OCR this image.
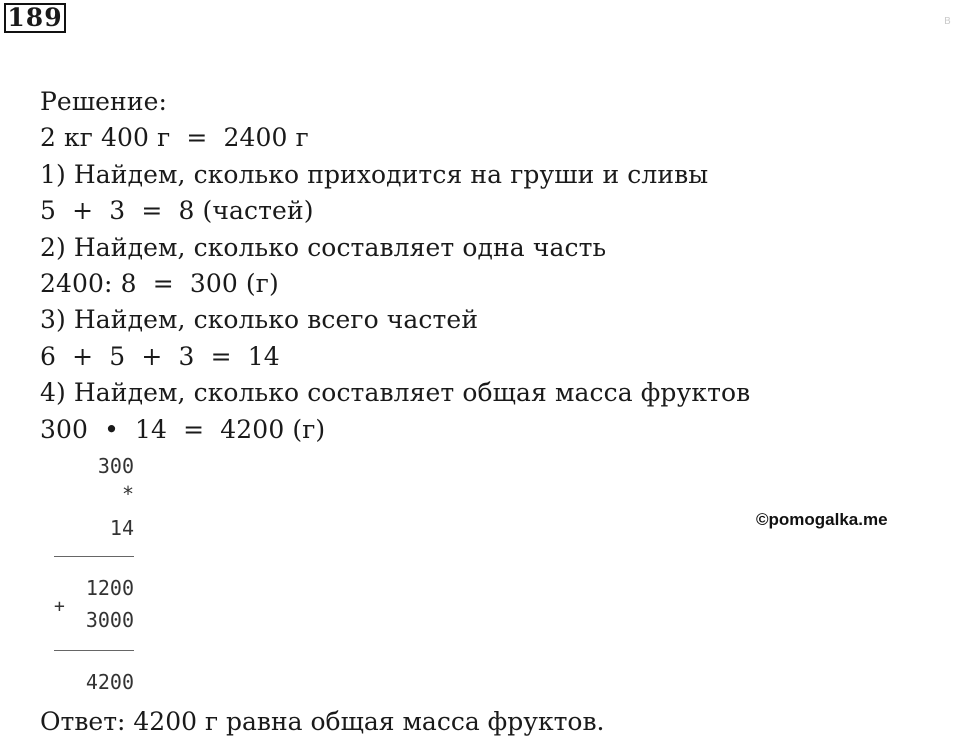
189	В
Решение:
2 кг 400 г  =  2400 г
1) Найдем, сколько приходится на груши и сливы
5  +  3  =  8 (частей)
2) Найдем, сколько составляет одна часть
2400: 8  =  300 (г)
3) Найдем, сколько всего частей
6  +  5  +  3  =  14
4) Найдем, сколько составляет общая масса фруктов
300  •  14  =  4200 (г)
300
*
14
+
1200
3000
4200
©pomogalka.me
Ответ: 4200 г равна общая масса фруктов.
